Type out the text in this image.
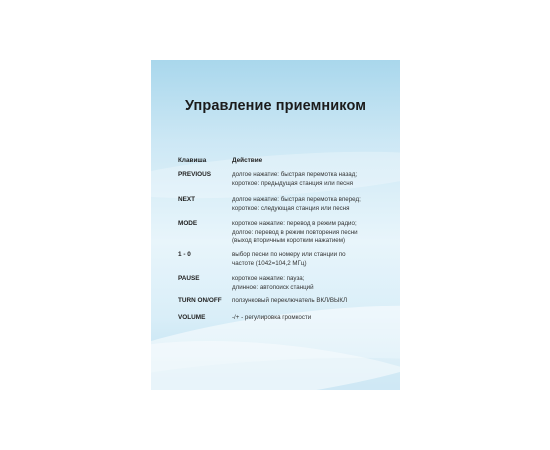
Управление приемником
Клавиша	Действие
PREVIOUS	долгое нажатие: быстрая перемотка назад;
короткое: предыдущая станция или песня
NEXT	долгое нажатие: быстрая перемотка вперед;
короткое: следующая станция или песня
MODE	короткое нажатие: перевод в режим радио;
долгое: перевод в режим повторения песни
(выход вторичным коротким нажатием)
1 - 0	выбор песни по номеру или станции по
частоте (1042=104,2 МГц)
PAUSE	короткое нажатие: пауза;
длинное: автопоиск станций
TURN ON/OFF ползунковый переключатель ВКЛ/ВЫКЛ
VOLUME	-/+ - регулировка громкости
